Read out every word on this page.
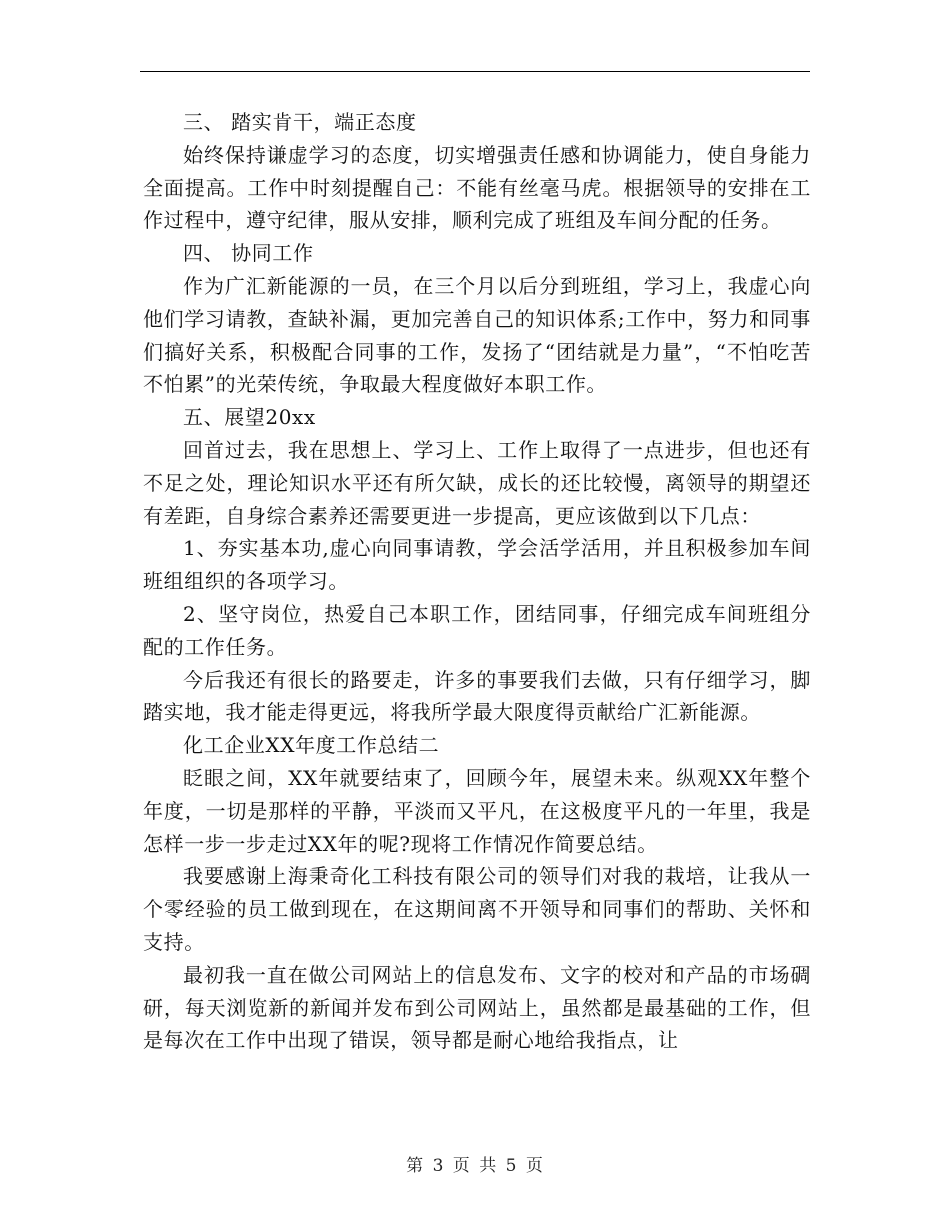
三、 踏实肯干，端正态度

始终保持谦虚学习的态度，切实增强责任感和协调能力，使自身能力全面提高。工作中时刻提醒自己：不能有丝毫马虎。根据领导的安排在工作过程中，遵守纪律，服从安排，顺利完成了班组及车间分配的任务。

四、 协同工作

作为广汇新能源的一员，在三个月以后分到班组，学习上，我虚心向他们学习请教，查缺补漏，更加完善自己的知识体系;工作中，努力和同事们搞好关系，积极配合同事的工作，发扬了“团结就是力量”，“不怕吃苦不怕累”的光荣传统，争取最大程度做好本职工作。

五、展望20xx

回首过去，我在思想上、学习上、工作上取得了一点进步，但也还有不足之处，理论知识水平还有所欠缺，成长的还比较慢，离领导的期望还有差距，自身综合素养还需要更进一步提高，更应该做到以下几点：

1、夯实基本功,虚心向同事请教，学会活学活用，并且积极参加车间班组组织的各项学习。

2、坚守岗位，热爱自己本职工作，团结同事，仔细完成车间班组分配的工作任务。

今后我还有很长的路要走，许多的事要我们去做，只有仔细学习，脚踏实地，我才能走得更远，将我所学最大限度得贡献给广汇新能源。

化工企业XX年度工作总结二

眨眼之间，XX年就要结束了，回顾今年，展望未来。纵观XX年整个年度，一切是那样的平静，平淡而又平凡，在这极度平凡的一年里，我是怎样一步一步走过XX年的呢?现将工作情况作简要总结。

我要感谢上海秉奇化工科技有限公司的领导们对我的栽培，让我从一个零经验的员工做到现在，在这期间离不开领导和同事们的帮助、关怀和支持。

最初我一直在做公司网站上的信息发布、文字的校对和产品的市场碉研，每天浏览新的新闻并发布到公司网站上，虽然都是最基础的工作，但是每次在工作中出现了错误，领导都是耐心地给我指点，让

第 3 页 共 5 页
